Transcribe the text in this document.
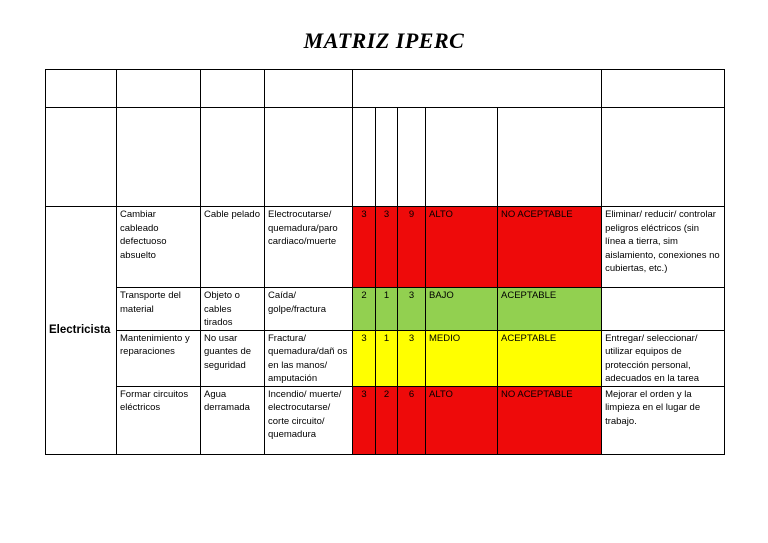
MATRIZ IPERC

Electricista	Cambiar cableado defectuoso absuelto	Cable pelado	Electrocutarse/ quemadura/paro cardiaco/muerte	3	3	9	ALTO	NO ACEPTABLE	Eliminar/ reducir/ controlar peligros eléctricos (sin línea a tierra, sim aislamiento, conexiones no cubiertas, etc.)
	Transporte del material	Objeto o cables tirados	Caída/ golpe/fractura	2	1	3	BAJO	ACEPTABLE	
	Mantenimiento y reparaciones	No usar guantes de seguridad	Fractura/ quemadura/dañ os en las manos/ amputación	3	1	3	MEDIO	ACEPTABLE	Entregar/ seleccionar/ utilizar equipos de protección personal, adecuados en la tarea
	Formar circuitos eléctricos	Agua derramada	Incendio/ muerte/ electrocutarse/ corte circuito/ quemadura	3	2	6	ALTO	NO ACEPTABLE	Mejorar el orden y la limpieza en el lugar de trabajo.
